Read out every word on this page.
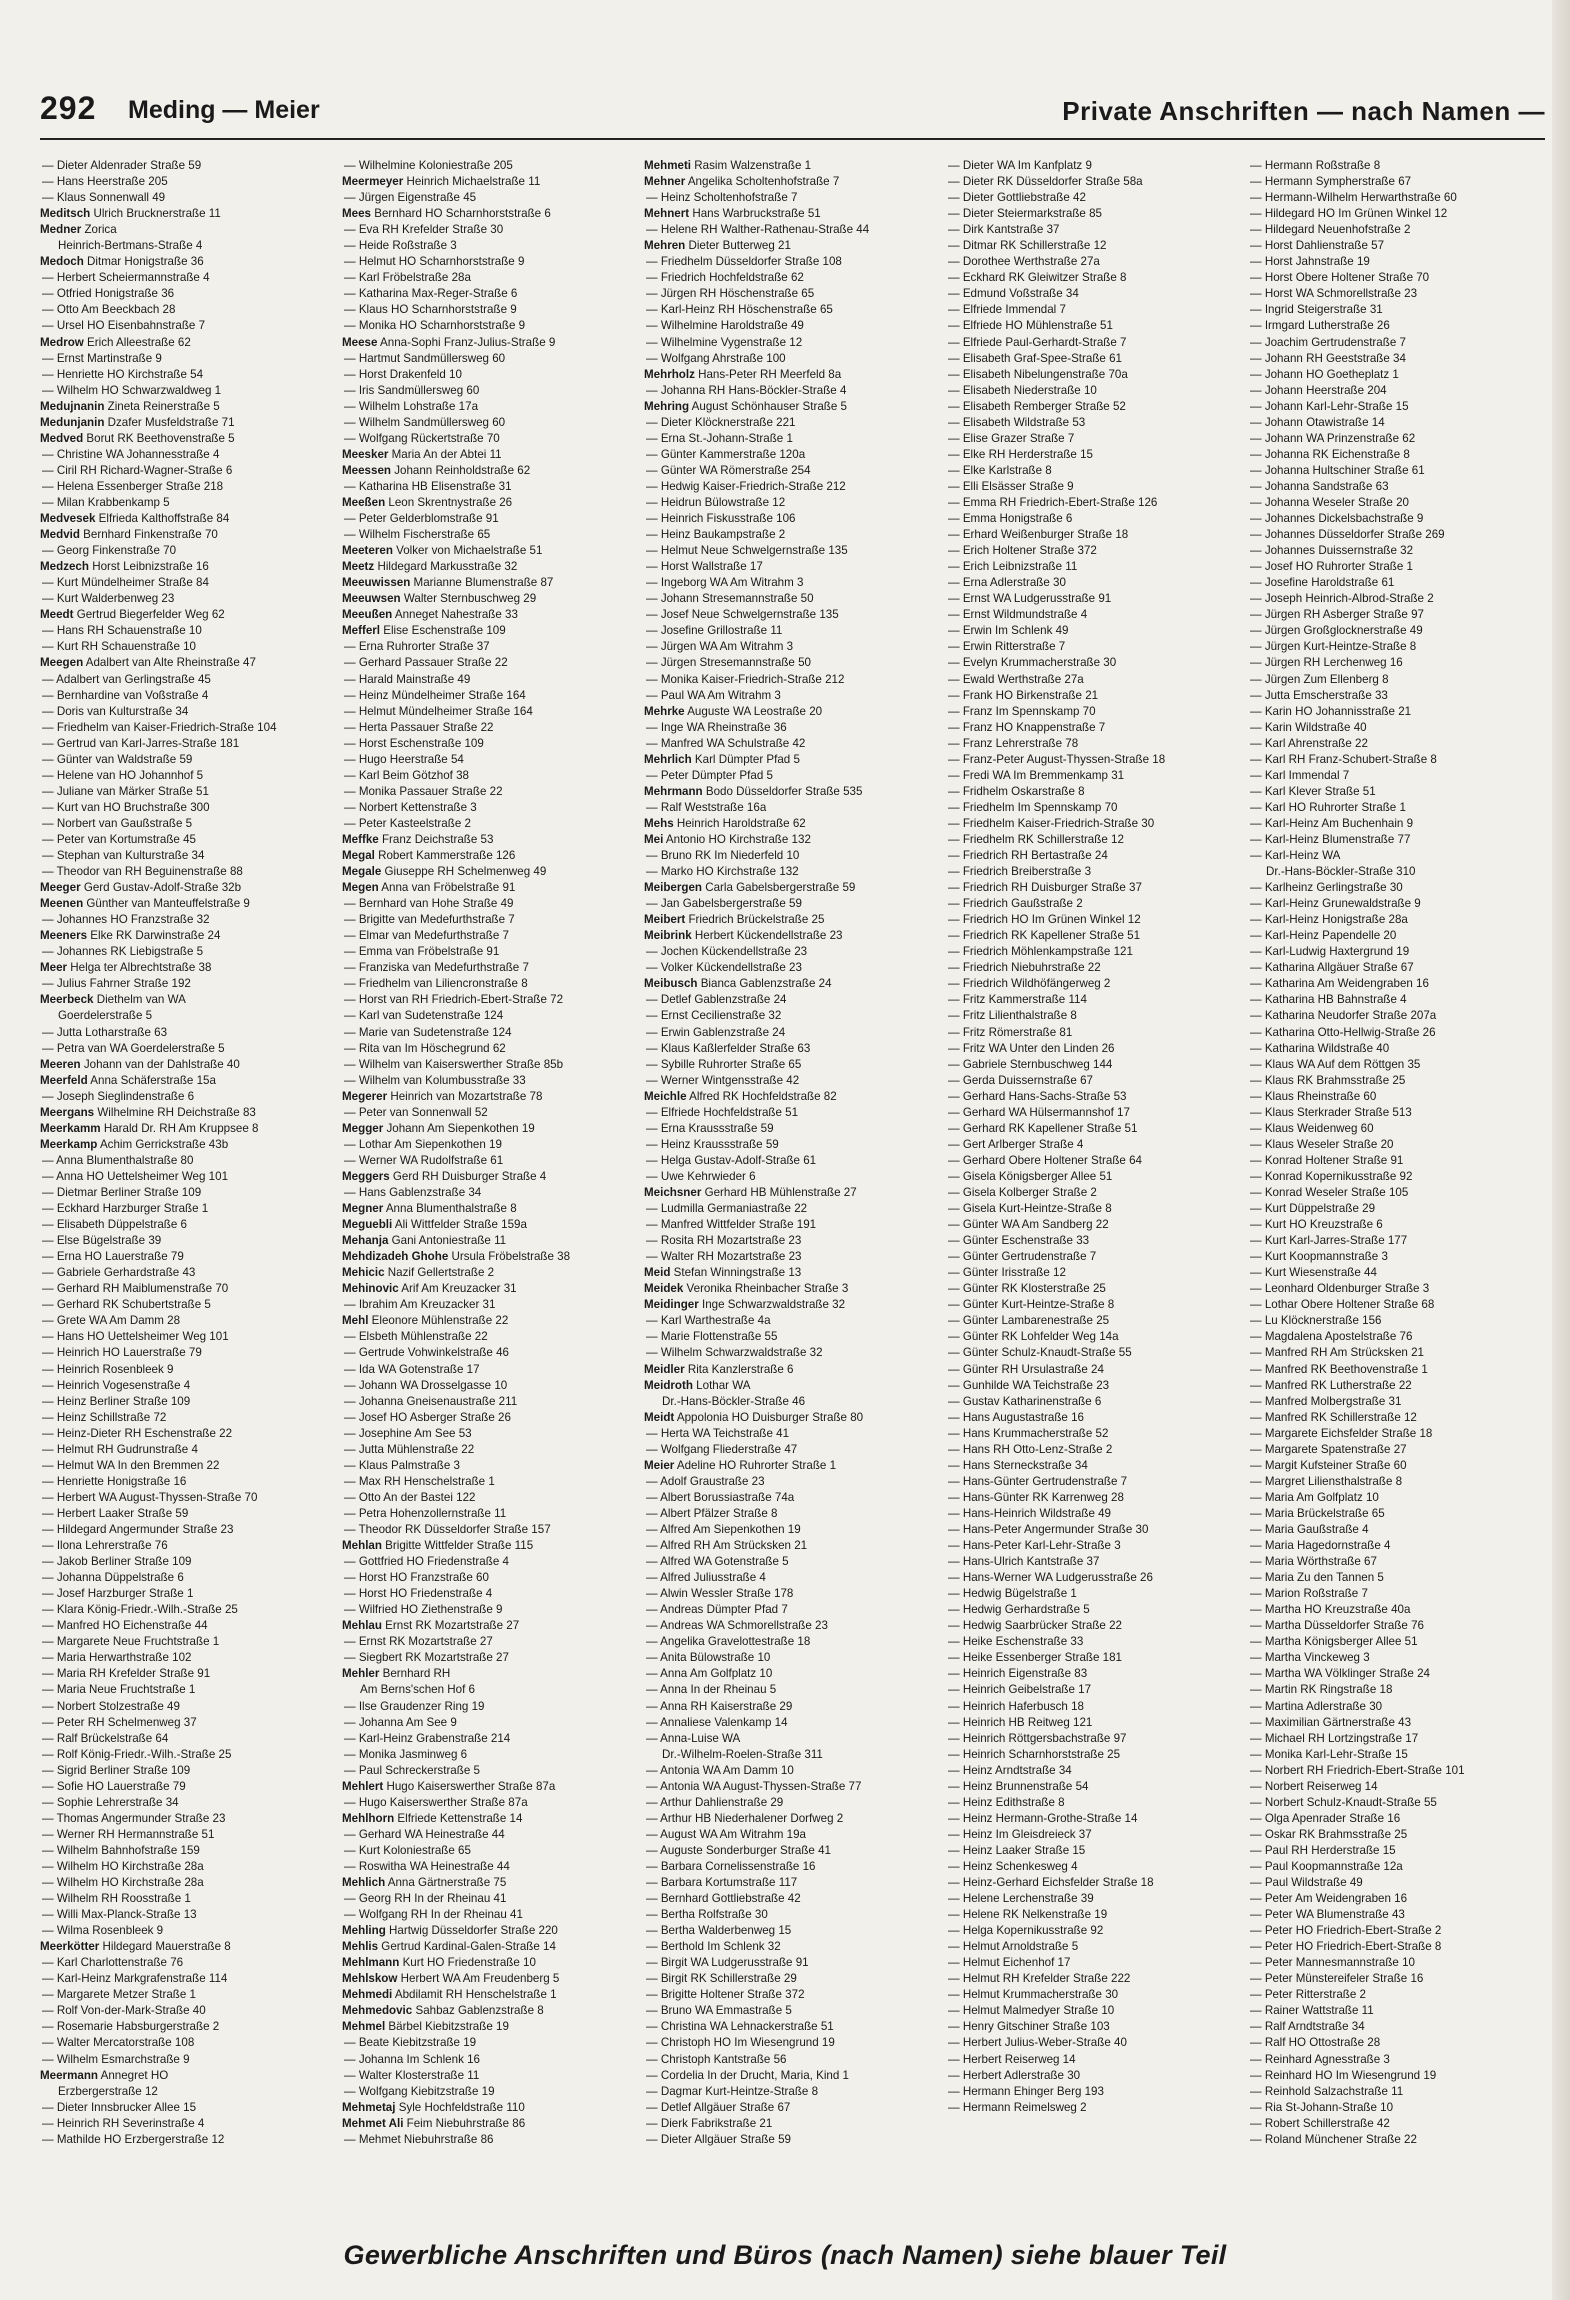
292 Meding — Meier	Private Anschriften — nach Namen —
— Dieter Aldenrader Straße 59
— Hans Heerstraße 205
— Klaus Sonnenwall 49
Meditsch Ulrich Brucknerstraße 11
Medner Zorica
Heinrich-Bertmans-Straße 4
Medoch Ditmar Honigstraße 36
— Herbert Scheiermannstraße 4
— Otfried Honigstraße 36
— Otto Am Beeckbach 28
— Ursel HO Eisenbahnstraße 7
Medrow Erich Alleestraße 62
— Ernst Martinstraße 9
— Henriette HO Kirchstraße 54
— Wilhelm HO Schwarzwaldweg 1
Medujnanin Zineta Reinerstraße 5
Medunjanin Dzafer Musfeldstraße 71
Medved Borut RK Beethovenstraße 5
— Christine WA Johannesstraße 4
— Ciril RH Richard-Wagner-Straße 6
— Helena Essenberger Straße 218
— Milan Krabbenkamp 5
Medvesek Elfrieda Kalthoffstraße 84
Medvid Bernhard Finkenstraße 70
— Georg Finkenstraße 70
Medzech Horst Leibnizstraße 16
— Kurt Mündelheimer Straße 84
— Kurt Walderbenweg 23
Meedt Gertrud Biegerfelder Weg 62
— Hans RH Schauenstraße 10
— Kurt RH Schauenstraße 10
Meegen Adalbert van Alte Rheinstraße 47
— Adalbert van Gerlingstraße 45
— Bernhardine van Voßstraße 4
— Doris van Kulturstraße 34
— Friedhelm van Kaiser-Friedrich-Straße 104
— Gertrud van Karl-Jarres-Straße 181
— Günter van Waldstraße 59
— Helene van HO Johannhof 5
— Juliane van Märker Straße 51
— Kurt van HO Bruchstraße 300
— Norbert van Gaußstraße 5
— Peter van Kortumstraße 45
— Stephan van Kulturstraße 34
— Theodor van RH Beguinenstraße 88
Meeger Gerd Gustav-Adolf-Straße 32b
Meenen Günther van Manteuffelstraße 9
— Johannes HO Franzstraße 32
Meeners Elke RK Darwinstraße 24
— Johannes RK Liebigstraße 5
Meer Helga ter Albrechtstraße 38
— Julius Fahrner Straße 192
Meerbeck Diethelm van WA
Goerdelerstraße 5
— Jutta Lotharstraße 63
— Petra van WA Goerdelerstraße 5
Meeren Johann van der Dahlstraße 40
Meerfeld Anna Schäferstraße 15a
— Joseph Sieglindenstraße 6
Meergans Wilhelmine RH Deichstraße 83
Meerkamm Harald Dr. RH Am Kruppsee 8
Meerkamp Achim Gerrickstraße 43b
— Anna Blumenthalstraße 80
— Anna HO Uettelsheimer Weg 101
— Dietmar Berliner Straße 109
— Eckhard Harzburger Straße 1
— Elisabeth Düppelstraße 6
— Else Bügelstraße 39
— Erna HO Lauerstraße 79
— Gabriele Gerhardstraße 43
— Gerhard RH Maiblumenstraße 70
— Gerhard RK Schubertstraße 5
— Grete WA Am Damm 28
— Hans HO Uettelsheimer Weg 101
— Heinrich HO Lauerstraße 79
— Heinrich Rosenbleek 9
— Heinrich Vogesenstraße 4
— Heinz Berliner Straße 109
— Heinz Schillstraße 72
— Heinz-Dieter RH Eschenstraße 22
— Helmut RH Gudrunstraße 4
— Helmut WA In den Bremmen 22
— Henriette Honigstraße 16
— Herbert WA August-Thyssen-Straße 70
— Herbert Laaker Straße 59
— Hildegard Angermunder Straße 23
— Ilona Lehrerstraße 76
— Jakob Berliner Straße 109
— Johanna Düppelstraße 6
— Josef Harzburger Straße 1
— Klara König-Friedr.-Wilh.-Straße 25
— Manfred HO Eichenstraße 44
— Margarete Neue Fruchtstraße 1
— Maria Herwarthstraße 102
— Maria RH Krefelder Straße 91
— Maria Neue Fruchtstraße 1
— Norbert Stolzestraße 49
— Peter RH Schelmenweg 37
— Ralf Brückelstraße 64
— Rolf König-Friedr.-Wilh.-Straße 25
— Sigrid Berliner Straße 109
— Sofie HO Lauerstraße 79
— Sophie Lehrerstraße 34
— Thomas Angermunder Straße 23
— Werner RH Hermannstraße 51
— Wilhelm Bahnhofstraße 159
— Wilhelm HO Kirchstraße 28a
— Wilhelm HO Kirchstraße 28a
— Wilhelm RH Roosstraße 1
— Willi Max-Planck-Straße 13
— Wilma Rosenbleek 9
Meerkötter Hildegard Mauerstraße 8
— Karl Charlottenstraße 76
— Karl-Heinz Markgrafenstraße 114
— Margarete Metzer Straße 1
— Rolf Von-der-Mark-Straße 40
— Rosemarie Habsburgerstraße 2
— Walter Mercatorstraße 108
— Wilhelm Esmarchstraße 9
Meermann Annegret HO
Erzbergerstraße 12
— Dieter Innsbrucker Allee 15
— Heinrich RH Severinstraße 4
— Mathilde HO Erzbergerstraße 12
— Wilhelmine Koloniestraße 205
Meermeyer Heinrich Michaelstraße 11
— Jürgen Eigenstraße 45
Mees Bernhard HO Scharnhorststraße 6
— Eva RH Krefelder Straße 30
— Heide Roßstraße 3
— Helmut HO Scharnhorststraße 9
— Karl Fröbelstraße 28a
— Katharina Max-Reger-Straße 6
— Klaus HO Scharnhorststraße 9
— Monika HO Scharnhorststraße 9
Meese Anna-Sophi Franz-Julius-Straße 9
— Hartmut Sandmüllersweg 60
— Horst Drakenfeld 10
— Iris Sandmüllersweg 60
— Wilhelm Lohstraße 17a
— Wilhelm Sandmüllersweg 60
— Wolfgang Rückertstraße 70
Meesker Maria An der Abtei 11
Meessen Johann Reinholdstraße 62
— Katharina HB Elisenstraße 31
Meeßen Leon Skrentnystraße 26
— Peter Gelderblomstraße 91
— Wilhelm Fischerstraße 65
Meeteren Volker von Michaelstraße 51
Meetz Hildegard Markusstraße 32
Meeuwissen Marianne Blumenstraße 87
Meeuwsen Walter Sternbuschweg 29
Meeußen Anneget Nahestraße 33
Mefferl Elise Eschenstraße 109
— Erna Ruhrorter Straße 37
— Gerhard Passauer Straße 22
— Harald Mainstraße 49
— Heinz Mündelheimer Straße 164
— Helmut Mündelheimer Straße 164
— Herta Passauer Straße 22
— Horst Eschenstraße 109
— Hugo Heerstraße 54
— Karl Beim Götzhof 38
— Monika Passauer Straße 22
— Norbert Kettenstraße 3
— Peter Kasteelstraße 2
Meffke Franz Deichstraße 53
Megal Robert Kammerstraße 126
Megale Giuseppe RH Schelmenweg 49
Megen Anna van Fröbelstraße 91
— Bernhard van Hohe Straße 49
— Brigitte van Medefurthstraße 7
— Elmar van Medefurthstraße 7
— Emma van Fröbelstraße 91
— Franziska van Medefurthstraße 7
— Friedhelm van Liliencronstraße 8
— Horst van RH Friedrich-Ebert-Straße 72
— Karl van Sudetenstraße 124
— Marie van Sudetenstraße 124
— Rita van Im Höschegrund 62
— Wilhelm van Kaiserswerther Straße 85b
— Wilhelm van Kolumbusstraße 33
Megerer Heinrich van Mozartstraße 78
— Peter van Sonnenwall 52
Megger Johann Am Siepenkothen 19
— Lothar Am Siepenkothen 19
— Werner WA Rudolfstraße 61
Meggers Gerd RH Duisburger Straße 4
— Hans Gablenzstraße 34
Megner Anna Blumenthalstraße 8
Meguebli Ali Wittfelder Straße 159a
Mehanja Gani Antoniestraße 11
Mehdizadeh Ghohe Ursula Fröbelstraße 38
Mehicic Nazif Gellertstraße 2
Mehinovic Arif Am Kreuzacker 31
— Ibrahim Am Kreuzacker 31
Mehl Eleonore Mühlenstraße 22
— Elsbeth Mühlenstraße 22
— Gertrude Vohwinkelstraße 46
— Ida WA Gotenstraße 17
— Johann WA Drosselgasse 10
— Johanna Gneisenaustraße 211
— Josef HO Asberger Straße 26
— Josephine Am See 53
— Jutta Mühlenstraße 22
— Klaus Palmstraße 3
— Max RH Henschelstraße 1
— Otto An der Bastei 122
— Petra Hohenzollernstraße 11
— Theodor RK Düsseldorfer Straße 157
Mehlan Brigitte Wittfelder Straße 115
— Gottfried HO Friedenstraße 4
— Horst HO Franzstraße 60
— Horst HO Friedenstraße 4
— Wilfried HO Ziethenstraße 9
Mehlau Ernst RK Mozartstraße 27
— Ernst RK Mozartstraße 27
— Siegbert RK Mozartstraße 27
Mehler Bernhard RH
Am Berns'schen Hof 6
— Ilse Graudenzer Ring 19
— Johanna Am See 9
— Karl-Heinz Grabenstraße 214
— Monika Jasminweg 6
— Paul Schreckerstraße 5
Mehlert Hugo Kaiserswerther Straße 87a
— Hugo Kaiserswerther Straße 87a
Mehlhorn Elfriede Kettenstraße 14
— Gerhard WA Heinestraße 44
— Kurt Koloniestraße 65
— Roswitha WA Heinestraße 44
Mehlich Anna Gärtnerstraße 75
— Georg RH In der Rheinau 41
— Wolfgang RH In der Rheinau 41
Mehling Hartwig Düsseldorfer Straße 220
Mehlis Gertrud Kardinal-Galen-Straße 14
Mehlmann Kurt HO Friedenstraße 10
Mehlskow Herbert WA Am Freudenberg 5
Mehmedi Abdilamit RH Henschelstraße 1
Mehmedovic Sahbaz Gablenzstraße 8
Mehmel Bärbel Kiebitzstraße 19
— Beate Kiebitzstraße 19
— Johanna Im Schlenk 16
— Walter Klosterstraße 11
— Wolfgang Kiebitzstraße 19
Mehmetaj Syle Hochfeldstraße 110
Mehmet Ali Feim Niebuhrstraße 86
— Mehmet Niebuhrstraße 86
Mehmeti Rasim Walzenstraße 1
Mehner Angelika Scholtenhofstraße 7
— Heinz Scholtenhofstraße 7
Mehnert Hans Warbruckstraße 51
— Helene RH Walther-Rathenau-Straße 44
Mehren Dieter Butterweg 21
— Friedhelm Düsseldorfer Straße 108
— Friedrich Hochfeldstraße 62
— Jürgen RH Höschenstraße 65
— Karl-Heinz RH Höschenstraße 65
— Wilhelmine Haroldstraße 49
— Wilhelmine Vygenstraße 12
— Wolfgang Ahrstraße 100
Mehrholz Hans-Peter RH Meerfeld 8a
— Johanna RH Hans-Böckler-Straße 4
Mehring August Schönhauser Straße 5
— Dieter Klöcknerstraße 221
— Erna St.-Johann-Straße 1
— Günter Kammerstraße 120a
— Günter WA Römerstraße 254
— Hedwig Kaiser-Friedrich-Straße 212
— Heidrun Bülowstraße 12
— Heinrich Fiskusstraße 106
— Heinz Baukampstraße 2
— Helmut Neue Schwelgernstraße 135
— Horst Wallstraße 17
— Ingeborg WA Am Witrahm 3
— Johann Stresemannstraße 50
— Josef Neue Schwelgernstraße 135
— Josefine Grillostraße 11
— Jürgen WA Am Witrahm 3
— Jürgen Stresemannstraße 50
— Monika Kaiser-Friedrich-Straße 212
— Paul WA Am Witrahm 3
Mehrke Auguste WA Leostraße 20
— Inge WA Rheinstraße 36
— Manfred WA Schulstraße 42
Mehrlich Karl Dümpter Pfad 5
— Peter Dümpter Pfad 5
Mehrmann Bodo Düsseldorfer Straße 535
— Ralf Weststraße 16a
Mehs Heinrich Haroldstraße 62
Mei Antonio HO Kirchstraße 132
— Bruno RK Im Niederfeld 10
— Marko HO Kirchstraße 132
Meibergen Carla Gabelsbergerstraße 59
— Jan Gabelsbergerstraße 59
Meibert Friedrich Brückelstraße 25
Meibrink Herbert Kückendellstraße 23
— Jochen Kückendellstraße 23
— Volker Kückendellstraße 23
Meibusch Bianca Gablenzstraße 24
— Detlef Gablenzstraße 24
— Ernst Cecilienstraße 32
— Erwin Gablenzstraße 24
— Klaus Kaßlerfelder Straße 63
— Sybille Ruhrorter Straße 65
— Werner Wintgensstraße 42
Meichle Alfred RK Hochfeldstraße 82
— Elfriede Hochfeldstraße 51
— Erna Kraussstraße 59
— Heinz Kraussstraße 59
— Helga Gustav-Adolf-Straße 61
— Uwe Kehrwieder 6
Meichsner Gerhard HB Mühlenstraße 27
— Ludmilla Germaniastraße 22
— Manfred Wittfelder Straße 191
— Rosita RH Mozartstraße 23
— Walter RH Mozartstraße 23
Meid Stefan Winningstraße 13
Meidek Veronika Rheinbacher Straße 3
Meidinger Inge Schwarzwaldstraße 32
— Karl Warthestraße 4a
— Marie Flottenstraße 55
— Wilhelm Schwarzwaldstraße 32
Meidler Rita Kanzlerstraße 6
Meidroth Lothar WA
Dr.-Hans-Böckler-Straße 46
Meidt Appolonia HO Duisburger Straße 80
— Herta WA Teichstraße 41
— Wolfgang Fliederstraße 47
Meier Adeline HO Ruhrorter Straße 1
— Adolf Graustraße 23
— Albert Borussiastraße 74a
— Albert Pfälzer Straße 8
— Alfred Am Siepenkothen 19
— Alfred RH Am Strücksken 21
— Alfred WA Gotenstraße 5
— Alfred Juliusstraße 4
— Alwin Wessler Straße 178
— Andreas Dümpter Pfad 7
— Andreas WA Schmorellstraße 23
— Angelika Gravelottestraße 18
— Anita Bülowstraße 10
— Anna Am Golfplatz 10
— Anna In der Rheinau 5
— Anna RH Kaiserstraße 29
— Annaliese Valenkamp 14
— Anna-Luise WA
Dr.-Wilhelm-Roelen-Straße 311
— Antonia WA Am Damm 10
— Antonia WA August-Thyssen-Straße 77
— Arthur Dahlienstraße 29
— Arthur HB Niederhalener Dorfweg 2
— August WA Am Witrahm 19a
— Auguste Sonderburger Straße 41
— Barbara Cornelissenstraße 16
— Barbara Kortumstraße 117
— Bernhard Gottliebstraße 42
— Bertha Rolfstraße 30
— Bertha Walderbenweg 15
— Berthold Im Schlenk 32
— Birgit WA Ludgerusstraße 91
— Birgit RK Schillerstraße 29
— Brigitte Holtener Straße 372
— Bruno WA Emmastraße 5
— Christina WA Lehnackerstraße 51
— Christoph HO Im Wiesengrund 19
— Christoph Kantstraße 56
— Cordelia In der Drucht, Maria, Kind 1
— Dagmar Kurt-Heintze-Straße 8
— Detlef Allgäuer Straße 67
— Dierk Fabrikstraße 21
— Dieter Allgäuer Straße 59
— Dieter WA Im Kanfplatz 9
— Dieter RK Düsseldorfer Straße 58a
— Dieter Gottliebstraße 42
— Dieter Steiermarkstraße 85
— Dirk Kantstraße 37
— Ditmar RK Schillerstraße 12
— Dorothee Werthstraße 27a
— Eckhard RK Gleiwitzer Straße 8
— Edmund Voßstraße 34
— Elfriede Immendal 7
— Elfriede HO Mühlenstraße 51
— Elfriede Paul-Gerhardt-Straße 7
— Elisabeth Graf-Spee-Straße 61
— Elisabeth Nibelungenstraße 70a
— Elisabeth Niederstraße 10
— Elisabeth Remberger Straße 52
— Elisabeth Wildstraße 53
— Elise Grazer Straße 7
— Elke RH Herderstraße 15
— Elke Karlstraße 8
— Elli Elsässer Straße 9
— Emma RH Friedrich-Ebert-Straße 126
— Emma Honigstraße 6
— Erhard Weißenburger Straße 18
— Erich Holtener Straße 372
— Erich Leibnizstraße 11
— Erna Adlerstraße 30
— Ernst WA Ludgerusstraße 91
— Ernst Wildmundstraße 4
— Erwin Im Schlenk 49
— Erwin Ritterstraße 7
— Evelyn Krummacherstraße 30
— Ewald Werthstraße 27a
— Frank HO Birkenstraße 21
— Franz Im Spennskamp 70
— Franz HO Knappenstraße 7
— Franz Lehrerstraße 78
— Franz-Peter August-Thyssen-Straße 18
— Fredi WA Im Bremmenkamp 31
— Fridhelm Oskarstraße 8
— Friedhelm Im Spennskamp 70
— Friedhelm Kaiser-Friedrich-Straße 30
— Friedhelm RK Schillerstraße 12
— Friedrich RH Bertastraße 24
— Friedrich Breiberstraße 3
— Friedrich RH Duisburger Straße 37
— Friedrich Gaußstraße 2
— Friedrich HO Im Grünen Winkel 12
— Friedrich RK Kapellener Straße 51
— Friedrich Möhlenkampstraße 121
— Friedrich Niebuhrstraße 22
— Friedrich Wildhöfängerweg 2
— Fritz Kammerstraße 114
— Fritz Lilienthalstraße 8
— Fritz Römerstraße 81
— Fritz WA Unter den Linden 26
— Gabriele Sternbuschweg 144
— Gerda Duissernstraße 67
— Gerhard Hans-Sachs-Straße 53
— Gerhard WA Hülsermannshof 17
— Gerhard RK Kapellener Straße 51
— Gert Arlberger Straße 4
— Gerhard Obere Holtener Straße 64
— Gisela Königsberger Allee 51
— Gisela Kolberger Straße 2
— Gisela Kurt-Heintze-Straße 8
— Günter WA Am Sandberg 22
— Günter Eschenstraße 33
— Günter Gertrudenstraße 7
— Günter Irisstraße 12
— Günter RK Klosterstraße 25
— Günter Kurt-Heintze-Straße 8
— Günter Lambarenestraße 25
— Günter RK Lohfelder Weg 14a
— Günter Schulz-Knaudt-Straße 55
— Günter RH Ursulastraße 24
— Gunhilde WA Teichstraße 23
— Gustav Katharinenstraße 6
— Hans Augustastraße 16
— Hans Krummacherstraße 52
— Hans RH Otto-Lenz-Straße 2
— Hans Sterneckstraße 34
— Hans-Günter Gertrudenstraße 7
— Hans-Günter RK Karrenweg 28
— Hans-Heinrich Wildstraße 49
— Hans-Peter Angermunder Straße 30
— Hans-Peter Karl-Lehr-Straße 3
— Hans-Ulrich Kantstraße 37
— Hans-Werner WA Ludgerusstraße 26
— Hedwig Bügelstraße 1
— Hedwig Gerhardstraße 5
— Hedwig Saarbrücker Straße 22
— Heike Eschenstraße 33
— Heike Essenberger Straße 181
— Heinrich Eigenstraße 83
— Heinrich Geibelstraße 17
— Heinrich Haferbusch 18
— Heinrich HB Reitweg 121
— Heinrich Röttgersbachstraße 97
— Heinrich Scharnhorststraße 25
— Heinz Arndtstraße 34
— Heinz Brunnenstraße 54
— Heinz Edithstraße 8
— Heinz Hermann-Grothe-Straße 14
— Heinz Im Gleisdreieck 37
— Heinz Laaker Straße 15
— Heinz Schenkesweg 4
— Heinz-Gerhard Eichsfelder Straße 18
— Helene Lerchenstraße 39
— Helene RK Nelkenstraße 19
— Helga Kopernikusstraße 92
— Helmut Arnoldstraße 5
— Helmut Eichenhof 17
— Helmut RH Krefelder Straße 222
— Helmut Krummacherstraße 30
— Helmut Malmedyer Straße 10
— Henry Gitschiner Straße 103
— Herbert Julius-Weber-Straße 40
— Herbert Reiserweg 14
— Herbert Adlerstraße 30
— Hermann Ehinger Berg 193
— Hermann Reimelsweg 2
— Hermann Roßstraße 8
— Hermann Sympherstraße 67
— Hermann-Wilhelm Herwarthstraße 60
— Hildegard HO Im Grünen Winkel 12
— Hildegard Neuenhofstraße 2
— Horst Dahlienstraße 57
— Horst Jahnstraße 19
— Horst Obere Holtener Straße 70
— Horst WA Schmorellstraße 23
— Ingrid Steigerstraße 31
— Irmgard Lutherstraße 26
— Joachim Gertrudenstraße 7
— Johann RH Geeststraße 34
— Johann HO Goetheplatz 1
— Johann Heerstraße 204
— Johann Karl-Lehr-Straße 15
— Johann Otawistraße 14
— Johann WA Prinzenstraße 62
— Johanna RK Eichenstraße 8
— Johanna Hultschiner Straße 61
— Johanna Sandstraße 63
— Johanna Weseler Straße 20
— Johannes Dickelsbachstraße 9
— Johannes Düsseldorfer Straße 269
— Johannes Duissernstraße 32
— Josef HO Ruhrorter Straße 1
— Josefine Haroldstraße 61
— Joseph Heinrich-Albrod-Straße 2
— Jürgen RH Asberger Straße 97
— Jürgen Großglocknerstraße 49
— Jürgen Kurt-Heintze-Straße 8
— Jürgen RH Lerchenweg 16
— Jürgen Zum Ellenberg 8
— Jutta Emscherstraße 33
— Karin HO Johannisstraße 21
— Karin Wildstraße 40
— Karl Ahrenstraße 22
— Karl RH Franz-Schubert-Straße 8
— Karl Immendal 7
— Karl Klever Straße 51
— Karl HO Ruhrorter Straße 1
— Karl-Heinz Am Buchenhain 9
— Karl-Heinz Blumenstraße 77
— Karl-Heinz WA
Dr.-Hans-Böckler-Straße 310
— Karlheinz Gerlingstraße 30
— Karl-Heinz Grunewaldstraße 9
— Karl-Heinz Honigstraße 28a
— Karl-Heinz Papendelle 20
— Karl-Ludwig Haxtergrund 19
— Katharina Allgäuer Straße 67
— Katharina Am Weidengraben 16
— Katharina HB Bahnstraße 4
— Katharina Neudorfer Straße 207a
— Katharina Otto-Hellwig-Straße 26
— Katharina Wildstraße 40
— Klaus WA Auf dem Röttgen 35
— Klaus RK Brahmsstraße 25
— Klaus Rheinstraße 60
— Klaus Sterkrader Straße 513
— Klaus Weidenweg 60
— Klaus Weseler Straße 20
— Konrad Holtener Straße 91
— Konrad Kopernikusstraße 92
— Konrad Weseler Straße 105
— Kurt Düppelstraße 29
— Kurt HO Kreuzstraße 6
— Kurt Karl-Jarres-Straße 177
— Kurt Koopmannstraße 3
— Kurt Wiesenstraße 44
— Leonhard Oldenburger Straße 3
— Lothar Obere Holtener Straße 68
— Lu Klöcknerstraße 156
— Magdalena Apostelstraße 76
— Manfred RH Am Strücksken 21
— Manfred RK Beethovenstraße 1
— Manfred RK Lutherstraße 22
— Manfred Molbergstraße 31
— Manfred RK Schillerstraße 12
— Margarete Eichsfelder Straße 18
— Margarete Spatenstraße 27
— Margit Kufsteiner Straße 60
— Margret Liliensthalstraße 8
— Maria Am Golfplatz 10
— Maria Brückelstraße 65
— Maria Gaußstraße 4
— Maria Hagedornstraße 4
— Maria Wörthstraße 67
— Maria Zu den Tannen 5
— Marion Roßstraße 7
— Martha HO Kreuzstraße 40a
— Martha Düsseldorfer Straße 76
— Martha Königsberger Allee 51
— Martha Vinckeweg 3
— Martha WA Völklinger Straße 24
— Martin RK Ringstraße 18
— Martina Adlerstraße 30
— Maximilian Gärtnerstraße 43
— Michael RH Lortzingstraße 17
— Monika Karl-Lehr-Straße 15
— Norbert RH Friedrich-Ebert-Straße 101
— Norbert Reiserweg 14
— Norbert Schulz-Knaudt-Straße 55
— Olga Apenrader Straße 16
— Oskar RK Brahmsstraße 25
— Paul RH Herderstraße 15
— Paul Koopmannstraße 12a
— Paul Wildstraße 49
— Peter Am Weidengraben 16
— Peter WA Blumenstraße 43
— Peter HO Friedrich-Ebert-Straße 2
— Peter HO Friedrich-Ebert-Straße 8
— Peter Mannesmannstraße 10
— Peter Münstereifeler Straße 16
— Peter Ritterstraße 2
— Rainer Wattstraße 11
— Ralf Arndtstraße 34
— Ralf HO Ottostraße 28
— Reinhard Agnesstraße 3
— Reinhard HO Im Wiesengrund 19
— Reinhold Salzachstraße 11
— Ria St-Johann-Straße 10
— Robert Schillerstraße 42
— Roland Münchener Straße 22
Gewerbliche Anschriften und Büros (nach Namen) siehe blauer Teil
